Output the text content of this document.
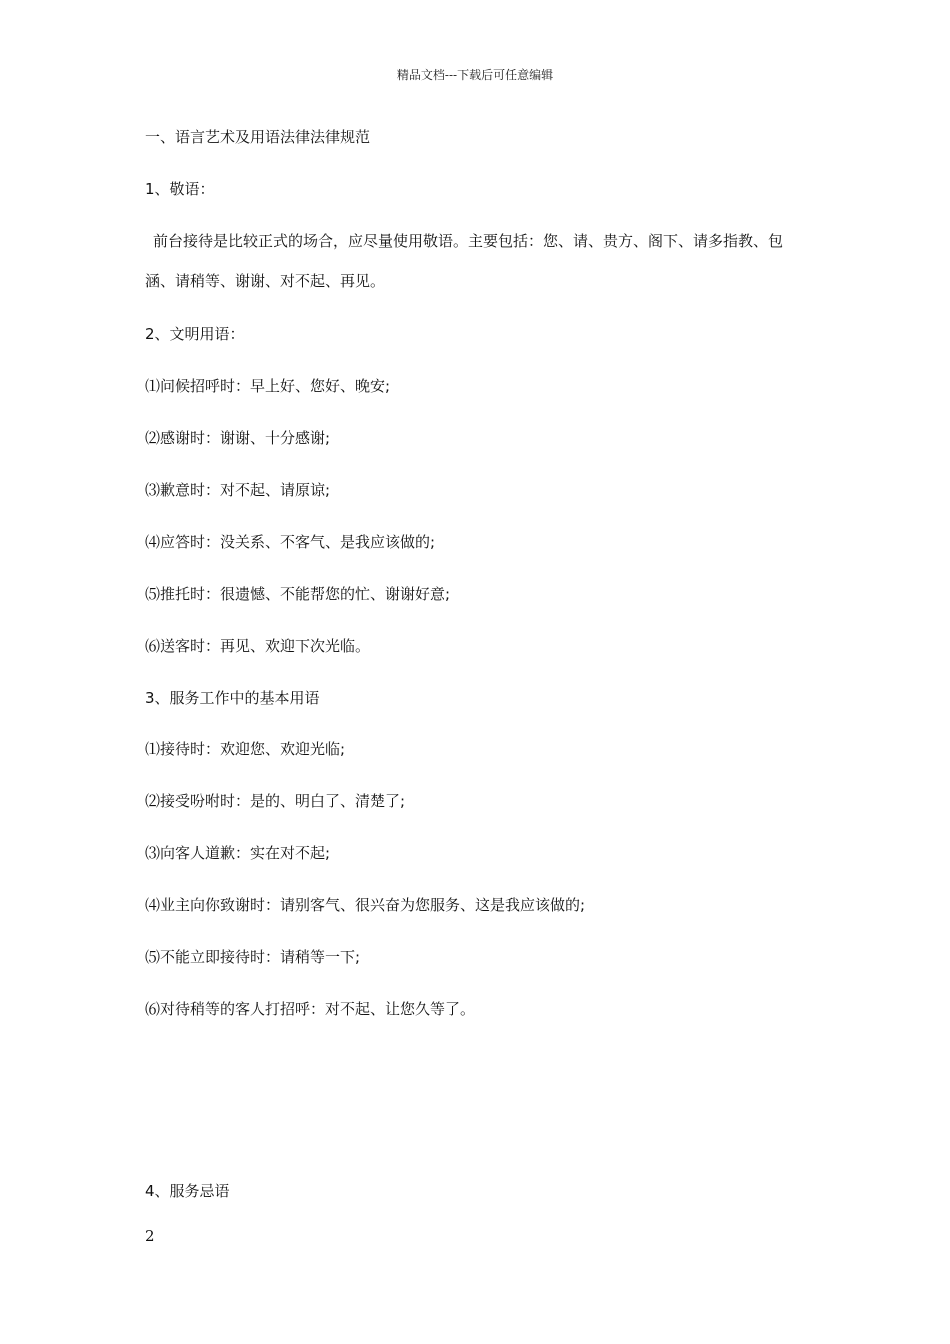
精品文档---下载后可任意编辑
一、语言艺术及用语法律法律规范
1、敬语：
前台接待是比较正式的场合，应尽量使用敬语。主要包括：您、请、贵方、阁下、请多指教、包涵、请稍等、谢谢、对不起、再见。
2、文明用语：
⑴问候招呼时：早上好、您好、晚安;
⑵感谢时：谢谢、十分感谢;
⑶歉意时：对不起、请原谅;
⑷应答时：没关系、不客气、是我应该做的;
⑸推托时：很遗憾、不能帮您的忙、谢谢好意;
⑹送客时：再见、欢迎下次光临。
3、服务工作中的基本用语
⑴接待时：欢迎您、欢迎光临;
⑵接受吩咐时：是的、明白了、清楚了;
⑶向客人道歉：实在对不起;
⑷业主向你致谢时：请别客气、很兴奋为您服务、这是我应该做的;
⑸不能立即接待时：请稍等一下;
⑹对待稍等的客人打招呼：对不起、让您久等了。
4、服务忌语
2
